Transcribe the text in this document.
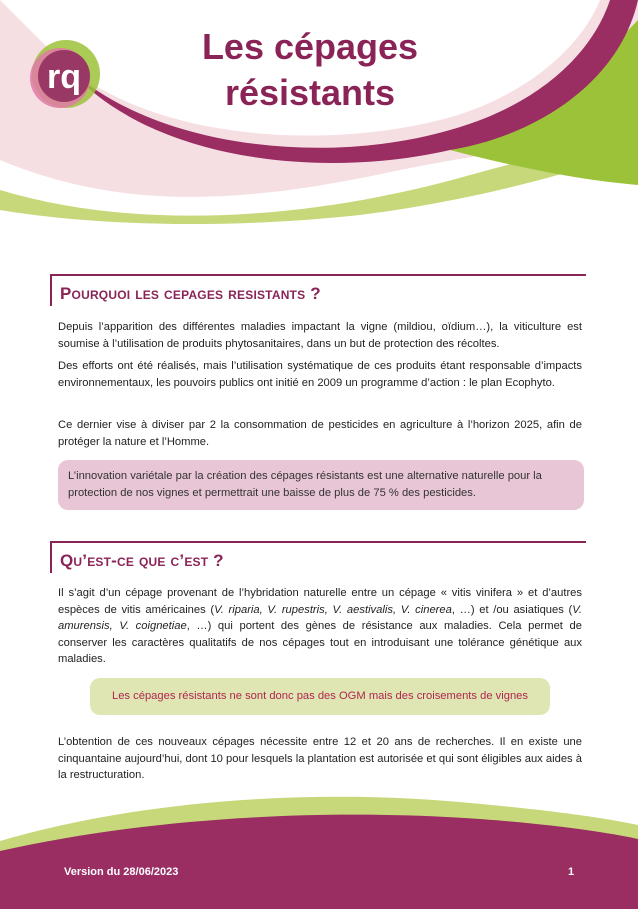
rq
Les cépages
résistants
Pourquoi les cepages resistants ?

Depuis l’apparition des différentes maladies impactant la vigne (mildiou, oïdium…), la viticulture est soumise à l’utilisation de produits phytosanitaires, dans un but de protection des récoltes.

Des efforts ont été réalisés, mais l’utilisation systématique de ces produits étant responsable d’impacts environnementaux, les pouvoirs publics ont initié en 2009 un programme d’action : le plan Ecophyto.

Ce dernier vise à diviser par 2 la consommation de pesticides en agriculture à l’horizon 2025, afin de protéger la nature et l’Homme.

L’innovation variétale par la création des cépages résistants est une alternative naturelle pour la protection de nos vignes et permettrait une baisse de plus de 75 % des pesticides.
Qu’est-ce que c’est ?

Il s’agit d’un cépage provenant de l’hybridation naturelle entre un cépage « vitis vinifera » et d’autres espèces de vitis américaines (V. riparia, V. rupestris, V. aestivalis, V. cinerea, …) et /ou asiatiques (V. amurensis, V. coignetiae, …) qui portent des gènes de résistance aux maladies. Cela permet de conserver les caractères qualitatifs de nos cépages tout en introduisant une tolérance génétique aux maladies.

Les cépages résistants ne sont donc pas des OGM mais des croisements de vignes

L’obtention de ces nouveaux cépages nécessite entre 12 et 20 ans de recherches. Il en existe une cinquantaine aujourd’hui, dont 10 pour lesquels la plantation est autorisée et qui sont éligibles aux aides à la restructuration.

Version du 28/06/2023	1
